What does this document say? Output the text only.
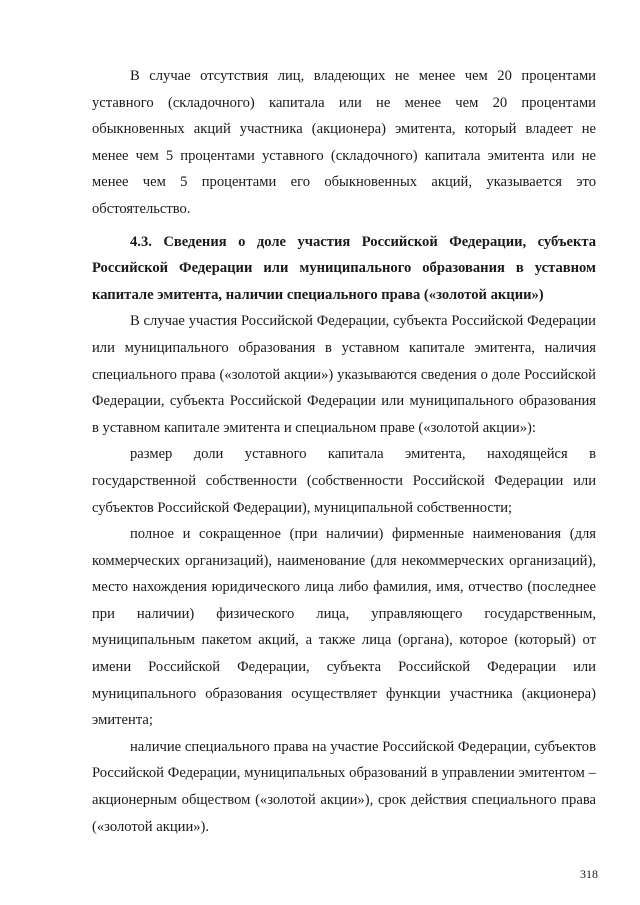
В случае отсутствия лиц, владеющих не менее чем 20 процентами уставного (складочного) капитала или не менее чем 20 процентами обыкновенных акций участника (акционера) эмитента, который владеет не менее чем 5 процентами уставного (складочного) капитала эмитента или не менее чем 5 процентами его обыкновенных акций, указывается это обстоятельство.

4.3. Сведения о доле участия Российской Федерации, субъекта Российской Федерации или муниципального образования в уставном капитале эмитента, наличии специального права («золотой акции»)

В случае участия Российской Федерации, субъекта Российской Федерации или муниципального образования в уставном капитале эмитента, наличия специального права («золотой акции») указываются сведения о доле Российской Федерации, субъекта Российской Федерации или муниципального образования в уставном капитале эмитента и специальном праве («золотой акции»):

размер доли уставного капитала эмитента, находящейся в государственной собственности (собственности Российской Федерации или субъектов Российской Федерации), муниципальной собственности;

полное и сокращенное (при наличии) фирменные наименования (для коммерческих организаций), наименование (для некоммерческих организаций), место нахождения юридического лица либо фамилия, имя, отчество (последнее при наличии) физического лица, управляющего государственным, муниципальным пакетом акций, а также лица (органа), которое (который) от имени Российской Федерации, субъекта Российской Федерации или муниципального образования осуществляет функции участника (акционера) эмитента;

наличие специального права на участие Российской Федерации, субъектов Российской Федерации, муниципальных образований в управлении эмитентом – акционерным обществом («золотой акции»), срок действия специального права («золотой акции»).

318
